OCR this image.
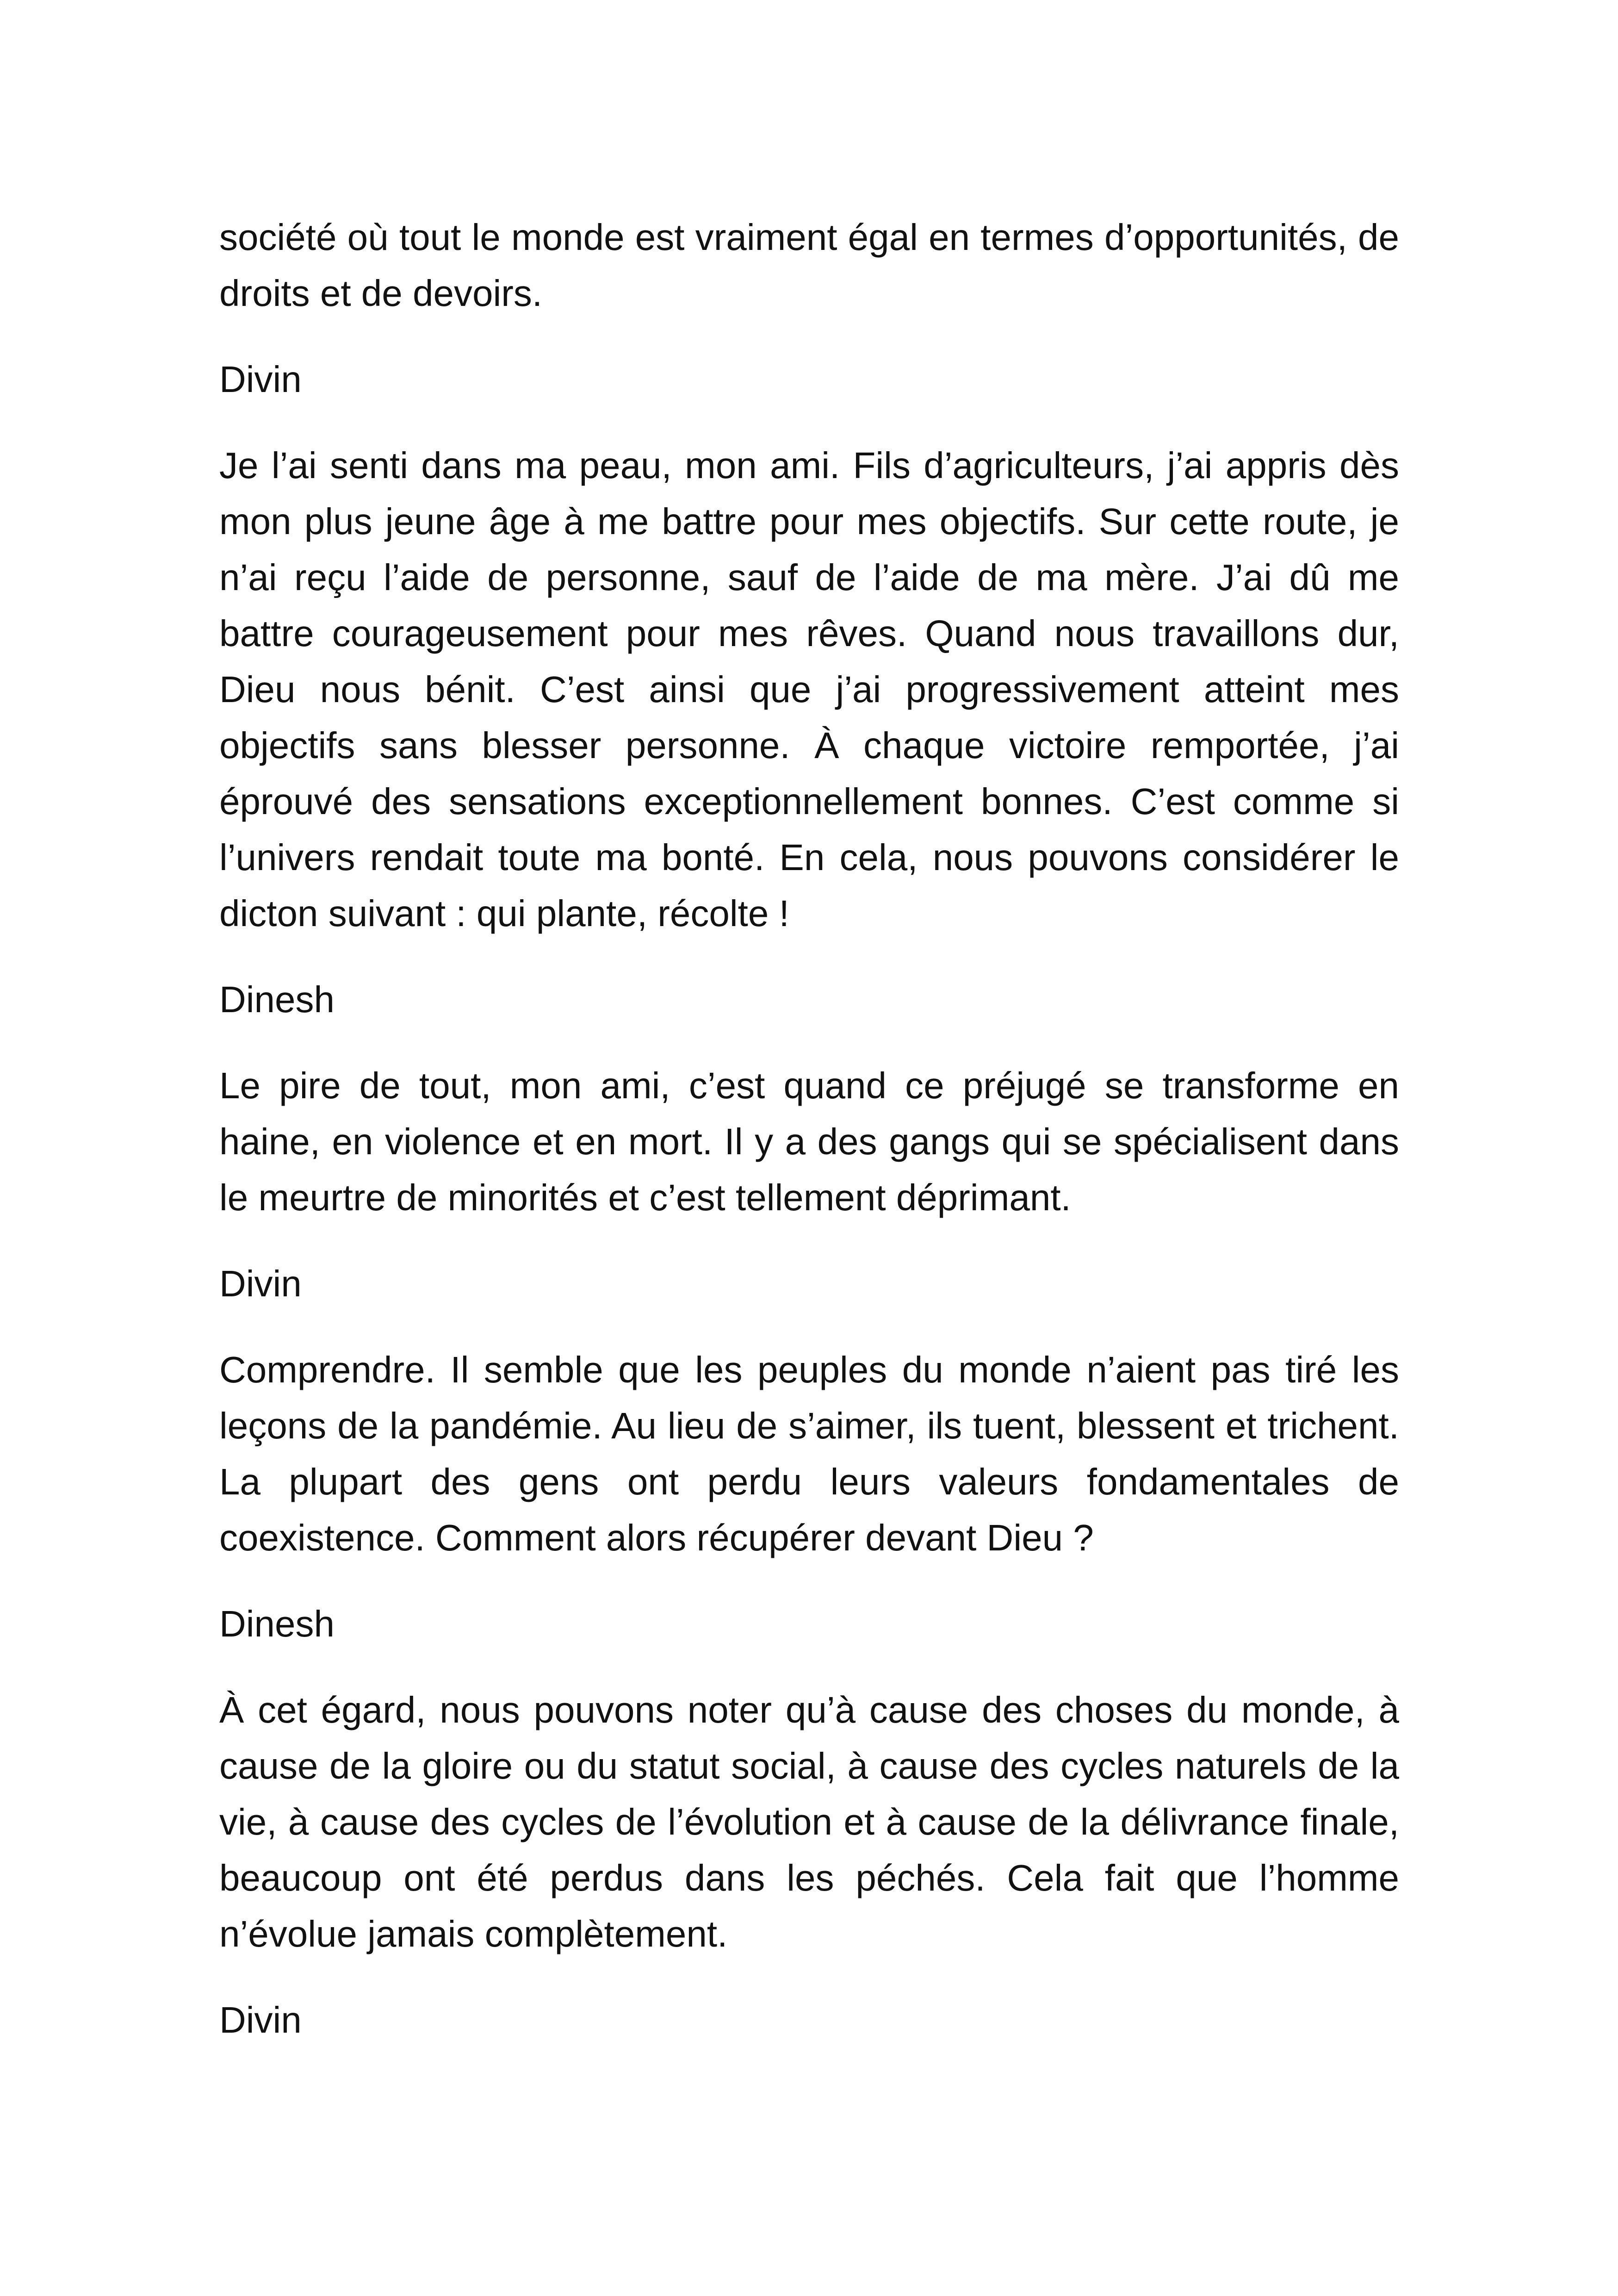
société où tout le monde est vraiment égal en termes d’opportunités, de droits et de devoirs.

Divin

Je l’ai senti dans ma peau, mon ami. Fils d’agriculteurs, j’ai appris dès mon plus jeune âge à me battre pour mes objectifs. Sur cette route, je n’ai reçu l’aide de personne, sauf de l’aide de ma mère. J’ai dû me battre courageusement pour mes rêves. Quand nous travaillons dur, Dieu nous bénit. C’est ainsi que j’ai progressivement atteint mes objectifs sans blesser personne. À chaque victoire remportée, j’ai éprouvé des sensations exceptionnellement bonnes. C’est comme si l’univers rendait toute ma bonté. En cela, nous pouvons considérer le dicton suivant : qui plante, récolte !

Dinesh

Le pire de tout, mon ami, c’est quand ce préjugé se transforme en haine, en violence et en mort. Il y a des gangs qui se spécialisent dans le meurtre de minorités et c’est tellement déprimant.

Divin

Comprendre. Il semble que les peuples du monde n’aient pas tiré les leçons de la pandémie. Au lieu de s’aimer, ils tuent, blessent et trichent. La plupart des gens ont perdu leurs valeurs fondamentales de coexistence. Comment alors récupérer devant Dieu ?

Dinesh

À cet égard, nous pouvons noter qu’à cause des choses du monde, à cause de la gloire ou du statut social, à cause des cycles naturels de la vie, à cause des cycles de l’évolution et à cause de la délivrance finale, beaucoup ont été perdus dans les péchés. Cela fait que l’homme n’évolue jamais complètement.

Divin
